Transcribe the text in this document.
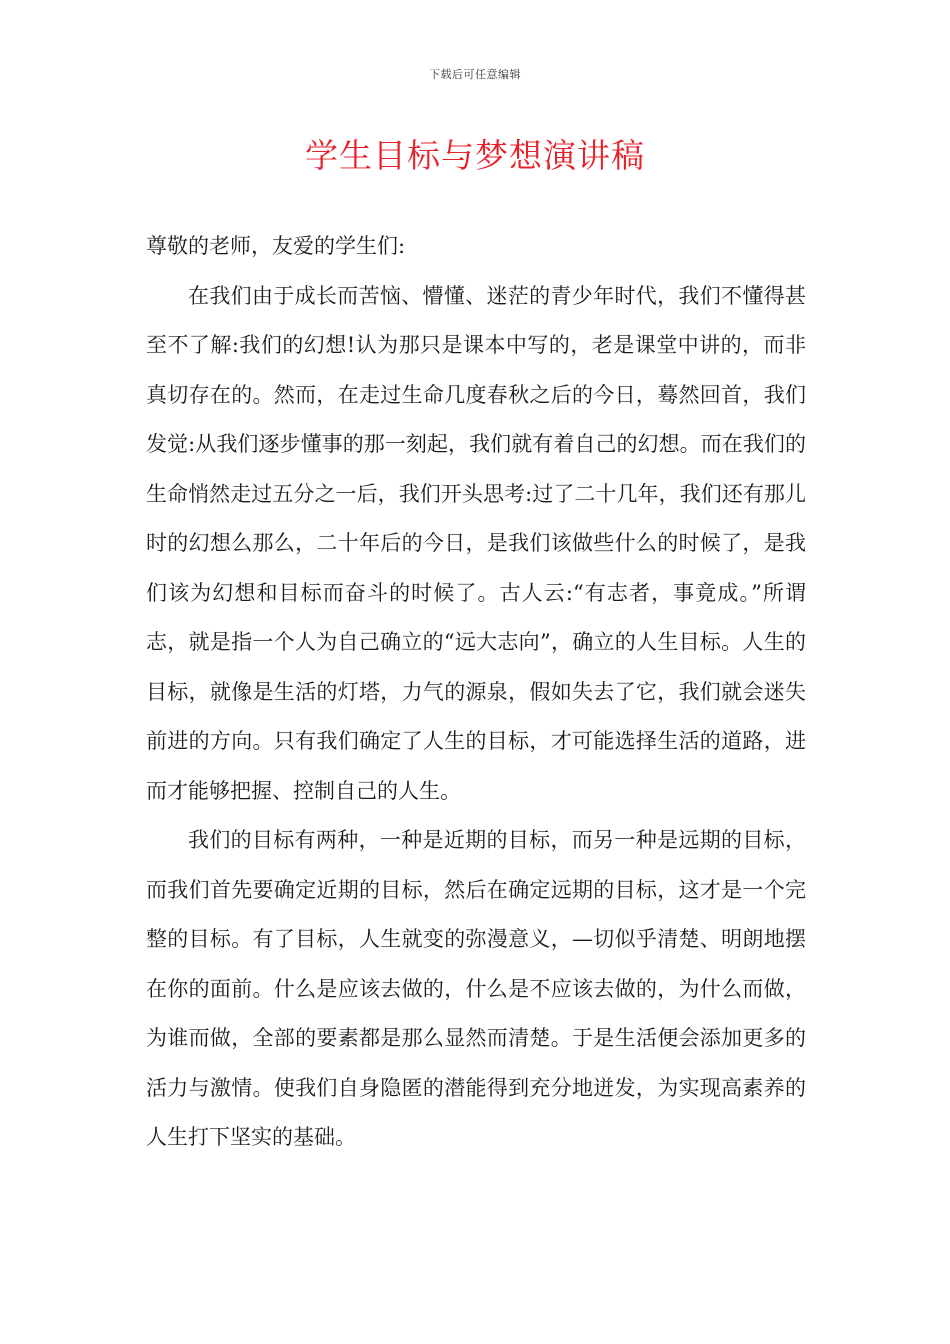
下载后可任意编辑
学生目标与梦想演讲稿

尊敬的老师，友爱的学生们:

在我们由于成长而苦恼、懵懂、迷茫的青少年时代，我们不懂得甚至不了解:我们的幻想!认为那只是课本中写的，老是课堂中讲的，而非真切存在的。然而，在走过生命几度春秋之后的今日，蓦然回首，我们发觉:从我们逐步懂事的那一刻起，我们就有着自己的幻想。而在我们的生命悄然走过五分之一后，我们开头思考:过了二十几年，我们还有那儿时的幻想么那么，二十年后的今日，是我们该做些什么的时候了，是我们该为幻想和目标而奋斗的时候了。古人云:“有志者，事竟成。”所谓志，就是指一个人为自己确立的“远大志向”，确立的人生目标。人生的目标，就像是生活的灯塔，力气的源泉，假如失去了它，我们就会迷失前进的方向。只有我们确定了人生的目标，才可能选择生活的道路，进而才能够把握、控制自己的人生。

我们的目标有两种，一种是近期的目标，而另一种是远期的目标，而我们首先要确定近期的目标，然后在确定远期的目标，这才是一个完整的目标。有了目标，人生就变的弥漫意义，—切似乎清楚、明朗地摆在你的面前。什么是应该去做的，什么是不应该去做的，为什么而做，为谁而做，全部的要素都是那么显然而清楚。于是生活便会添加更多的活力与激情。使我们自身隐匿的潜能得到充分地迸发，为实现高素养的人生打下坚实的基础。
